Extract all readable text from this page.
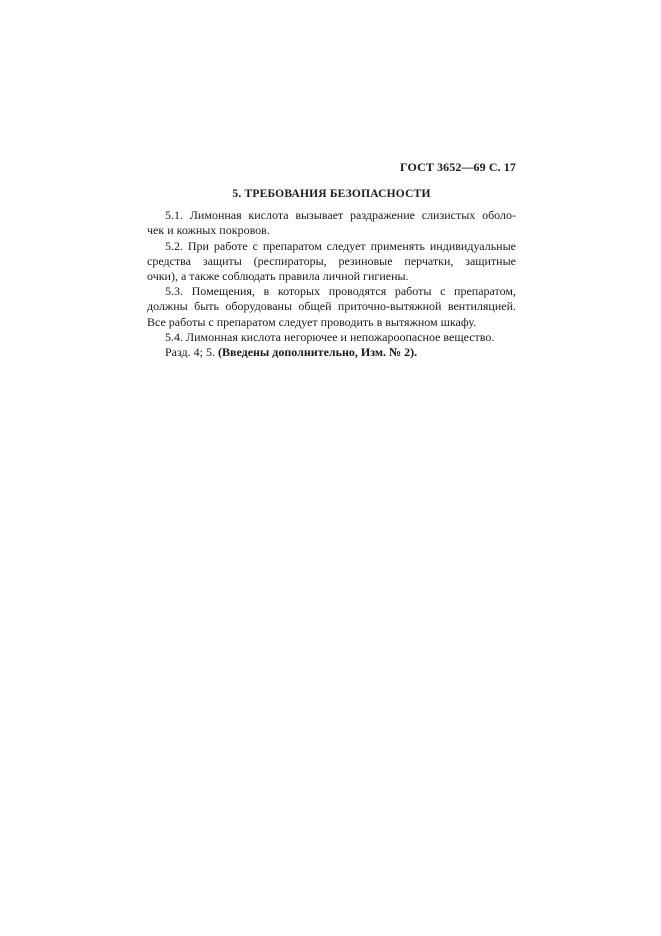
ГОСТ 3652—69 С. 17
5. ТРЕБОВАНИЯ БЕЗОПАСНОСТИ

5.1. Лимонная кислота вызывает раздражение слизистых оболо-
чек и кожных покровов.

5.2. При работе с препаратом следует применять индивидуальные
средства защиты (респираторы, резиновые перчатки, защитные
очки), а также соблюдать правила личной гигиены.

5.3. Помещения, в которых проводятся работы с препаратом,
должны быть оборудованы общей приточно-вытяжной вентиляцией.
Все работы с препаратом следует проводить в вытяжном шкафу.

5.4. Лимонная кислота негорючее и непожароопасное вещество.

Разд. 4; 5. (Введены дополнительно, Изм. № 2).
